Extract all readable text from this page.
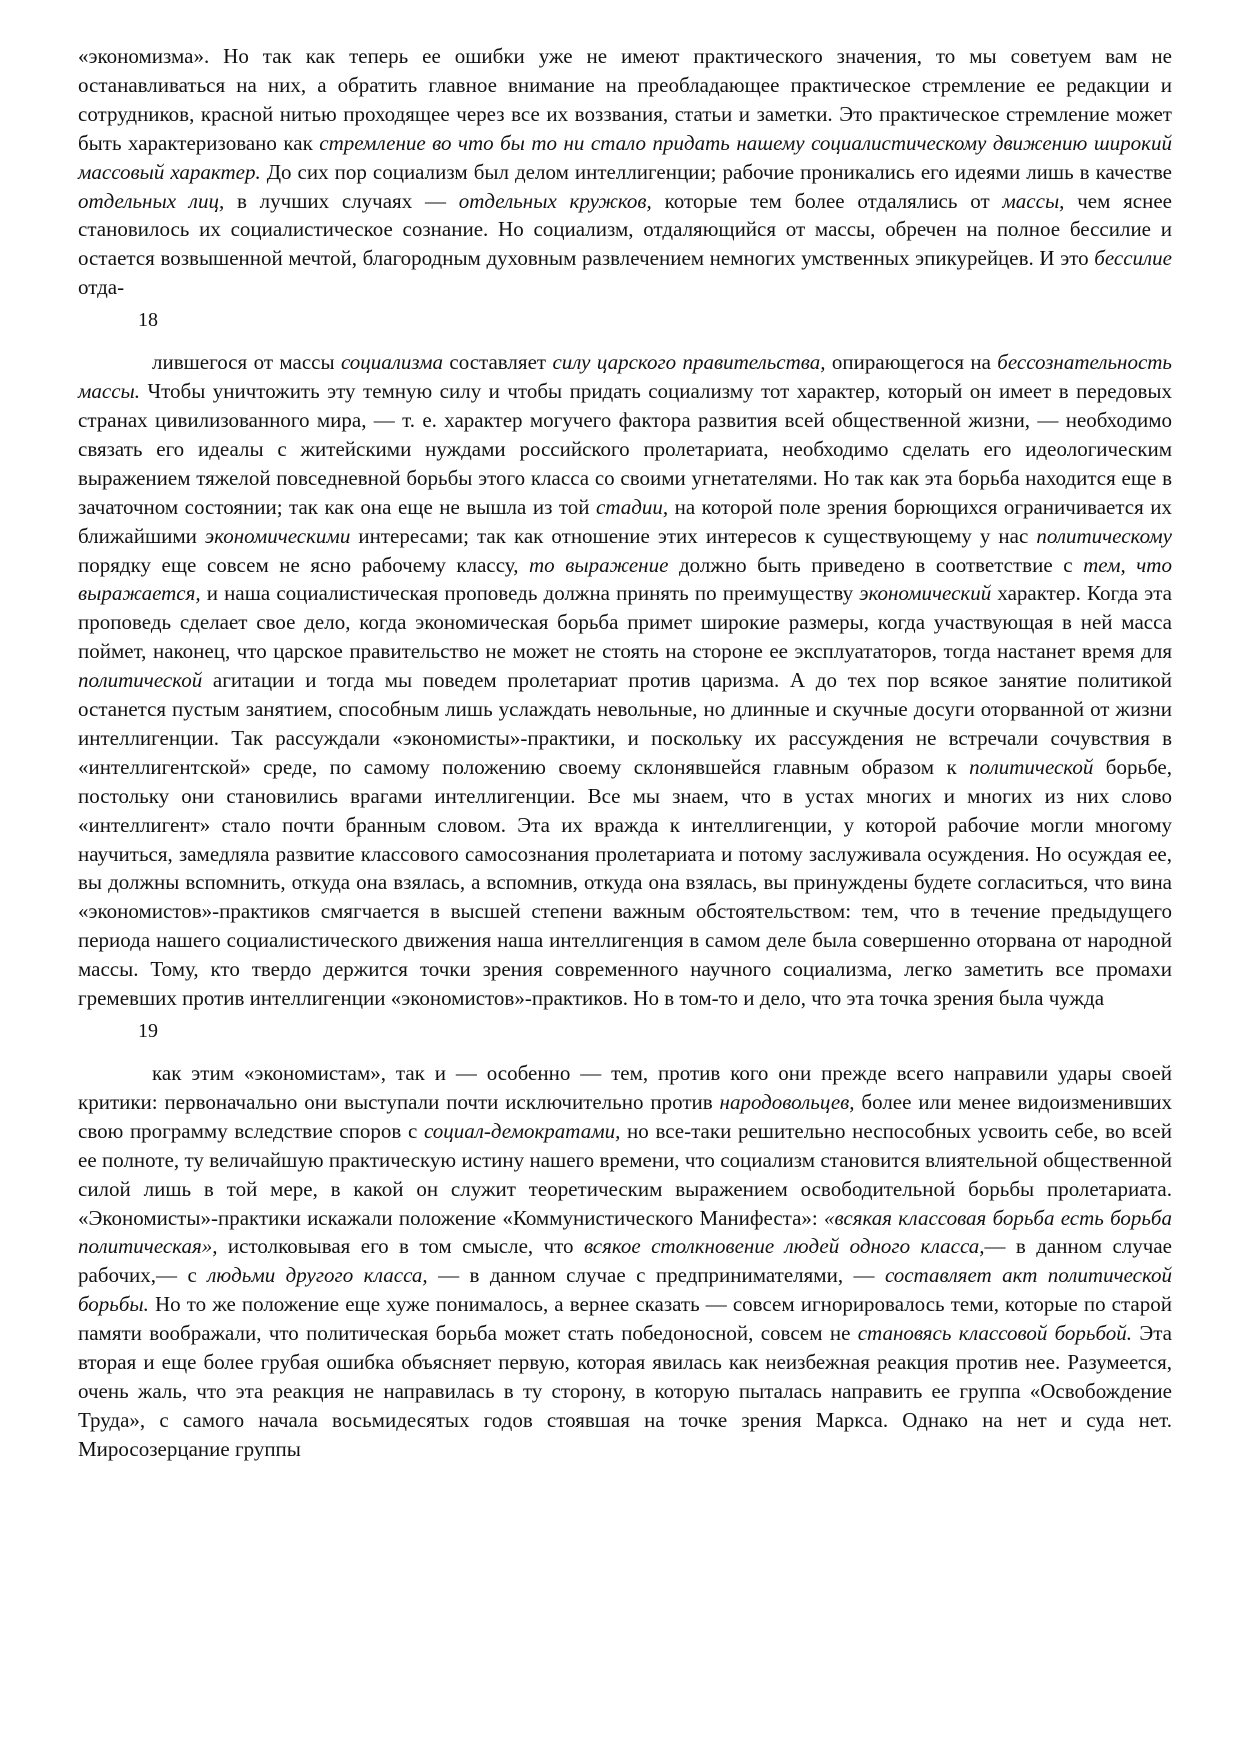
«экономизма». Но так как теперь ее ошибки уже не имеют практического значения, то мы советуем вам не останавливаться на них, а обратить главное внимание на преобладающее практическое стремление ее редакции и сотрудников, красной нитью проходящее через все их воззвания, статьи и заметки. Это практическое стремление может быть характеризовано как стремление во что бы то ни стало придать нашему социалистическому движению широкий массовый характер. До сих пор социализм был делом интеллигенции; рабочие проникались его идеями лишь в качестве отдельных лиц, в лучших случаях — отдельных кружков, которые тем более отдалялись от массы, чем яснее становилось их социалистическое сознание. Но социализм, отдаляющийся от массы, обречен на полное бессилие и остается возвышенной мечтой, благородным духовным развлечением немногих умственных эпикурейцев. И это бессилие отда-

18

лившегося от массы социализма составляет силу царского правительства, опирающегося на бессознательность массы. Чтобы уничтожить эту темную силу и чтобы придать социализму тот характер, который он имеет в передовых странах цивилизованного мира, — т. е. характер могучего фактора развития всей общественной жизни, — необходимо связать его идеалы с житейскими нуждами российского пролетариата, необходимо сделать его идеологическим выражением тяжелой повседневной борьбы этого класса со своими угнетателями. Но так как эта борьба находится еще в зачаточном состоянии; так как она еще не вышла из той стадии, на которой поле зрения борющихся ограничивается их ближайшими экономическими интересами; так как отношение этих интересов к существующему у нас политическому порядку еще совсем не ясно рабочему классу, то выражение должно быть приведено в соответствие с тем, что выражается, и наша социалистическая проповедь должна принять по преимуществу экономический характер. Когда эта проповедь сделает свое дело, когда экономическая борьба примет широкие размеры, когда участвующая в ней масса поймет, наконец, что царское правительство не может не стоять на стороне ее эксплуататоров, тогда настанет время для политической агитации и тогда мы поведем пролетариат против царизма. А до тех пор всякое занятие политикой останется пустым занятием, способным лишь услаждать невольные, но длинные и скучные досуги оторванной от жизни интеллигенции. Так рассуждали «экономисты»-практики, и поскольку их рассуждения не встречали сочувствия в «интеллигентской» среде, по самому положению своему склонявшейся главным образом к политической борьбе, постольку они становились врагами интеллигенции. Все мы знаем, что в устах многих и многих из них слово «интеллигент» стало почти бранным словом. Эта их вражда к интеллигенции, у которой рабочие могли многому научиться, замедляла развитие классового самосознания пролетариата и потому заслуживала осуждения. Но осуждая ее, вы должны вспомнить, откуда она взялась, а вспомнив, откуда она взялась, вы принуждены будете согласиться, что вина «экономистов»-практиков смягчается в высшей степени важным обстоятельством: тем, что в течение предыдущего периода нашего социалистического движения наша интеллигенция в самом деле была совершенно оторвана от народной массы. Тому, кто твердо держится точки зрения современного научного социализма, легко заметить все промахи гремевших против интеллигенции «экономистов»-практиков. Но в том-то и дело, что эта точка зрения была чужда

19

как этим «экономистам», так и — особенно — тем, против кого они прежде всего направили удары своей критики: первоначально они выступали почти исключительно против народовольцев, более или менее видоизменивших свою программу вследствие споров с социал-демократами, но все-таки решительно неспособных усвоить себе, во всей ее полноте, ту величайшую практическую истину нашего времени, что социализм становится влиятельной общественной силой лишь в той мере, в какой он служит теоретическим выражением освободительной борьбы пролетариата. «Экономисты»-практики искажали положение «Коммунистического Манифеста»: «всякая классовая борьба есть борьба политическая», истолковывая его в том смысле, что всякое столкновение людей одного класса,— в данном случае рабочих,— с людьми другого класса, — в данном случае с предпринимателями, — составляет акт политической борьбы. Но то же положение еще хуже понималось, а вернее сказать — совсем игнорировалось теми, которые по старой памяти воображали, что политическая борьба может стать победоносной, совсем не становясь классовой борьбой. Эта вторая и еще более грубая ошибка объясняет первую, которая явилась как неизбежная реакция против нее. Разумеется, очень жаль, что эта реакция не направилась в ту сторону, в которую пыталась направить ее группа «Освобождение Труда», с самого начала восьмидесятых годов стоявшая на точке зрения Маркса. Однако на нет и суда нет. Миросозерцание группы
